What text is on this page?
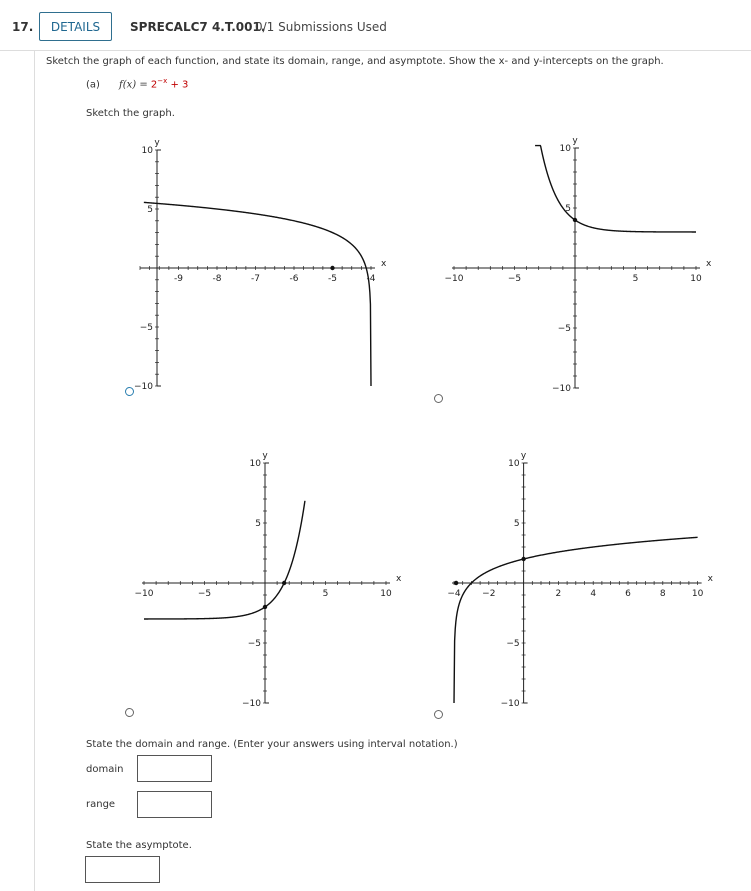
17.	DETAILS	SPRECALC7 4.T.001.
0/1 Submissions Used
Sketch the graph of each function, and state its domain, range, and asymptote. Show the x- and y-intercepts on the graph.
(a) $f(x) = 2^{-x} + 3$
Sketch the graph.
-9	-8	-7	-6	-5	-4
10
5
−5
−10
x
y
−10	−5	5	10
10
5
−5
−10
x
y
−10	−5	5	10
10
5
−5
−10
x
y
−4 −2	2	4	6	8	10
10
5
−5
−10
x
y
State the domain and range. (Enter your answers using interval notation.)
domain
range
State the asymptote.
